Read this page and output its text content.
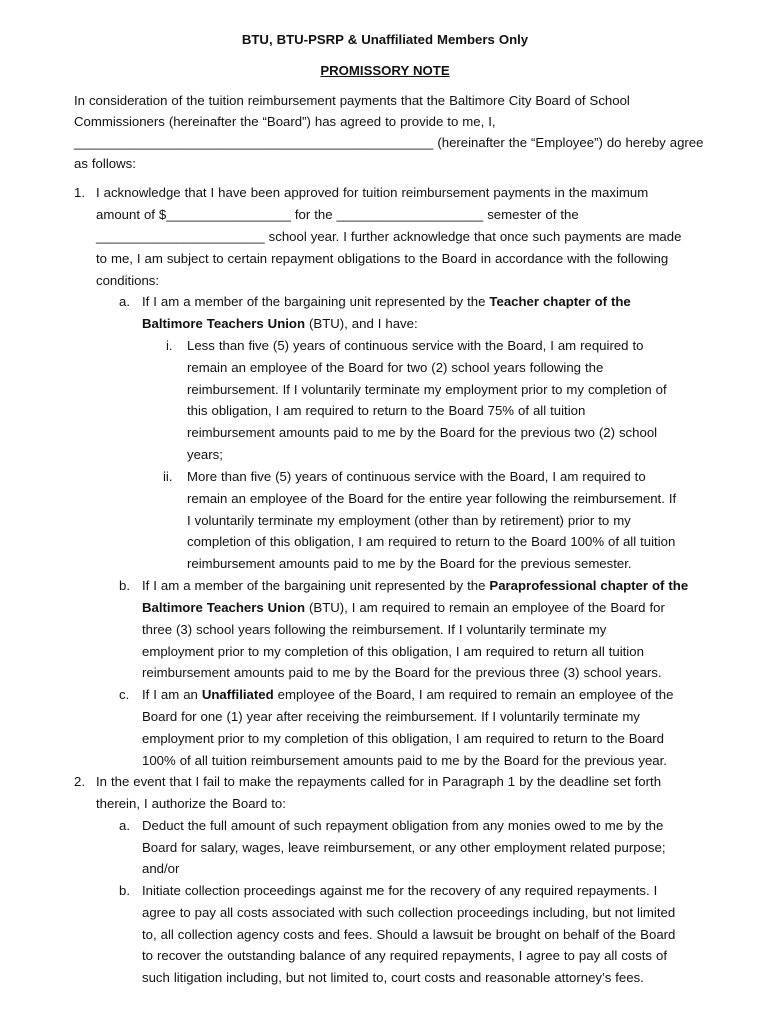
BTU, BTU-PSRP & Unaffiliated Members Only
PROMISSORY NOTE
In consideration of the tuition reimbursement payments that the Baltimore City Board of School
Commissioners (hereinafter the “Board”) has agreed to provide to me, I,
_________________________________________________ (hereinafter the “Employee”) do hereby agree
as follows:
1. I acknowledge that I have been approved for tuition reimbursement payments in the maximum
amount of $_________________ for the ____________________ semester of the
_______________________ school year. I further acknowledge that once such payments are made
to me, I am subject to certain repayment obligations to the Board in accordance with the following
conditions:
a. If I am a member of the bargaining unit represented by the Teacher chapter of the
Baltimore Teachers Union (BTU), and I have:
i. Less than five (5) years of continuous service with the Board, I am required to
remain an employee of the Board for two (2) school years following the
reimbursement. If I voluntarily terminate my employment prior to my completion of
this obligation, I am required to return to the Board 75% of all tuition
reimbursement amounts paid to me by the Board for the previous two (2) school
years;
ii. More than five (5) years of continuous service with the Board, I am required to
remain an employee of the Board for the entire year following the reimbursement. If
I voluntarily terminate my employment (other than by retirement) prior to my
completion of this obligation, I am required to return to the Board 100% of all tuition
reimbursement amounts paid to me by the Board for the previous semester.
b. If I am a member of the bargaining unit represented by the Paraprofessional chapter of the
Baltimore Teachers Union (BTU), I am required to remain an employee of the Board for
three (3) school years following the reimbursement. If I voluntarily terminate my
employment prior to my completion of this obligation, I am required to return all tuition
reimbursement amounts paid to me by the Board for the previous three (3) school years.
c. If I am an Unaffiliated employee of the Board, I am required to remain an employee of the
Board for one (1) year after receiving the reimbursement. If I voluntarily terminate my
employment prior to my completion of this obligation, I am required to return to the Board
100% of all tuition reimbursement amounts paid to me by the Board for the previous year.
2. In the event that I fail to make the repayments called for in Paragraph 1 by the deadline set forth
therein, I authorize the Board to:
a. Deduct the full amount of such repayment obligation from any monies owed to me by the
Board for salary, wages, leave reimbursement, or any other employment related purpose;
and/or
b. Initiate collection proceedings against me for the recovery of any required repayments. I
agree to pay all costs associated with such collection proceedings including, but not limited
to, all collection agency costs and fees. Should a lawsuit be brought on behalf of the Board
to recover the outstanding balance of any required repayments, I agree to pay all costs of
such litigation including, but not limited to, court costs and reasonable attorney’s fees.
